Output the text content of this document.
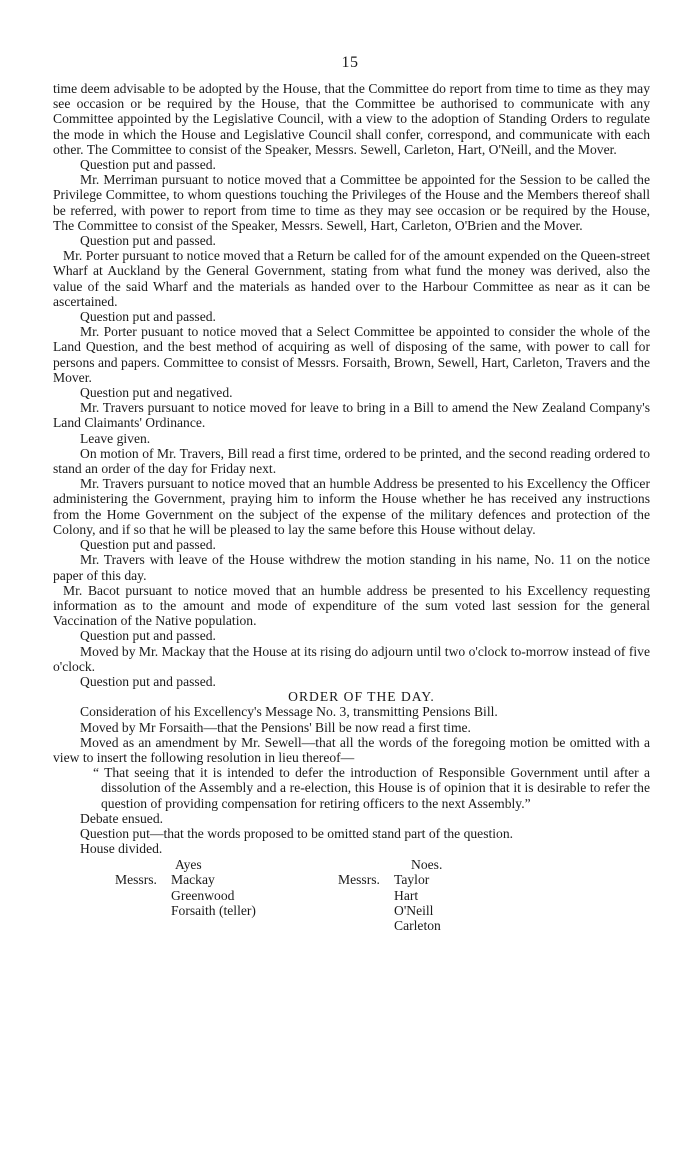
15

time deem advisable to be adopted by the House, that the Committee do report from time to time as they may see occasion or be required by the House, that the Committee be authorised to communicate with any Committee appointed by the Legislative Council, with a view to the adoption of Standing Orders to regulate the mode in which the House and Legislative Council shall confer, correspond, and communicate with each other. The Committee to consist of the Speaker, Messrs. Sewell, Carleton, Hart, O'Neill, and the Mover.

Question put and passed.

Mr. Merriman pursuant to notice moved that a Committee be appointed for the Session to be called the Privilege Committee, to whom questions touching the Privileges of the House and the Members thereof shall be referred, with power to report from time to time as they may see occasion or be required by the House, The Committee to consist of the Speaker, Messrs. Sewell, Hart, Carleton, O'Brien and the Mover.

Question put and passed.

Mr. Porter pursuant to notice moved that a Return be called for of the amount expended on the Queen-street Wharf at Auckland by the General Government, stating from what fund the money was derived, also the value of the said Wharf and the materials as handed over to the Harbour Committee as near as it can be ascertained.

Question put and passed.

Mr. Porter pusuant to notice moved that a Select Committee be appointed to consider the whole of the Land Question, and the best method of acquiring as well of disposing of the same, with power to call for persons and papers. Committee to consist of Messrs. Forsaith, Brown, Sewell, Hart, Carleton, Travers and the Mover.

Question put and negatived.

Mr. Travers pursuant to notice moved for leave to bring in a Bill to amend the New Zealand Company's Land Claimants' Ordinance.

Leave given.

On motion of Mr. Travers, Bill read a first time, ordered to be printed, and the second reading ordered to stand an order of the day for Friday next.

Mr. Travers pursuant to notice moved that an humble Address be presented to his Excellency the Officer administering the Government, praying him to inform the House whether he has received any instructions from the Home Government on the subject of the expense of the military defences and protection of the Colony, and if so that he will be pleased to lay the same before this House without delay.

Question put and passed.

Mr. Travers with leave of the House withdrew the motion standing in his name, No. 11 on the notice paper of this day.

Mr. Bacot pursuant to notice moved that an humble address be presented to his Excellency requesting information as to the amount and mode of expenditure of the sum voted last session for the general Vaccination of the Native population.

Question put and passed.

Moved by Mr. Mackay that the House at its rising do adjourn until two o'clock to-morrow instead of five o'clock.

Question put and passed.

ORDER OF THE DAY.

Consideration of his Excellency's Message No. 3, transmitting Pensions Bill.

Moved by Mr Forsaith—that the Pensions' Bill be now read a first time.

Moved as an amendment by Mr. Sewell—that all the words of the foregoing motion be omitted with a view to insert the following resolution in lieu thereof—

“ That seeing that it is intended to defer the introduction of Responsible Government until after a dissolution of the Assembly and a re-election, this House is of opinion that it is desirable to refer the question of providing compensation for retiring officers to the next Assembly.”

Debate ensued.

Question put—that the words proposed to be omitted stand part of the question.

House divided.

Ayes	Noes.
Messrs. Mackay
Greenwood
Forsaith (teller)
Messrs. Taylor
Hart
O'Neill
Carleton
